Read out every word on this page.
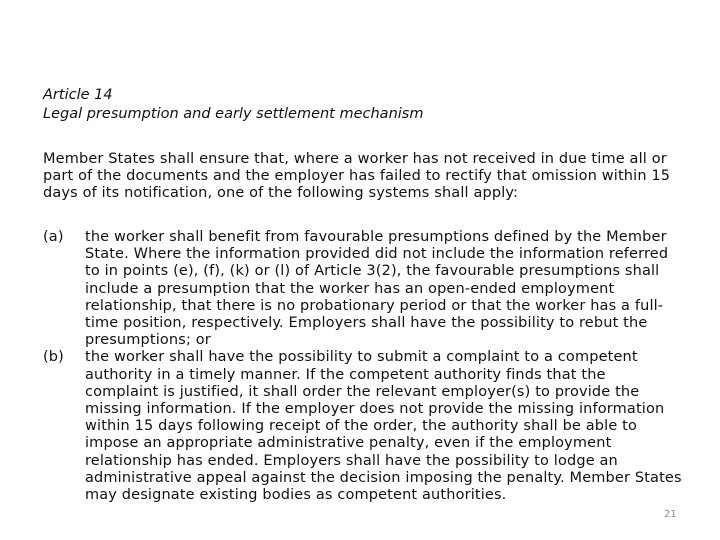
Article 14
Legal presumption and early settlement mechanism
Member States shall ensure that, where a worker has not received in due time all or part of the documents and the employer has failed to rectify that omission within 15 days of its notification, one of the following systems shall apply:
(a)	the worker shall benefit from favourable presumptions defined by the Member State. Where the information provided did not include the information referred to in points (e), (f), (k) or (l) of Article 3(2), the favourable presumptions shall include a presumption that the worker has an open-ended employment relationship, that there is no probationary period or that the worker has a full-time position, respectively. Employers shall have the possibility to rebut the presumptions; or
(b)	the worker shall have the possibility to submit a complaint to a competent authority in a timely manner. If the competent authority finds that the complaint is justified, it shall order the relevant employer(s) to provide the missing information. If the employer does not provide the missing information within 15 days following receipt of the order, the authority shall be able to impose an appropriate administrative penalty, even if the employment relationship has ended. Employers shall have the possibility to lodge an administrative appeal against the decision imposing the penalty. Member States may designate existing bodies as competent authorities.
21
